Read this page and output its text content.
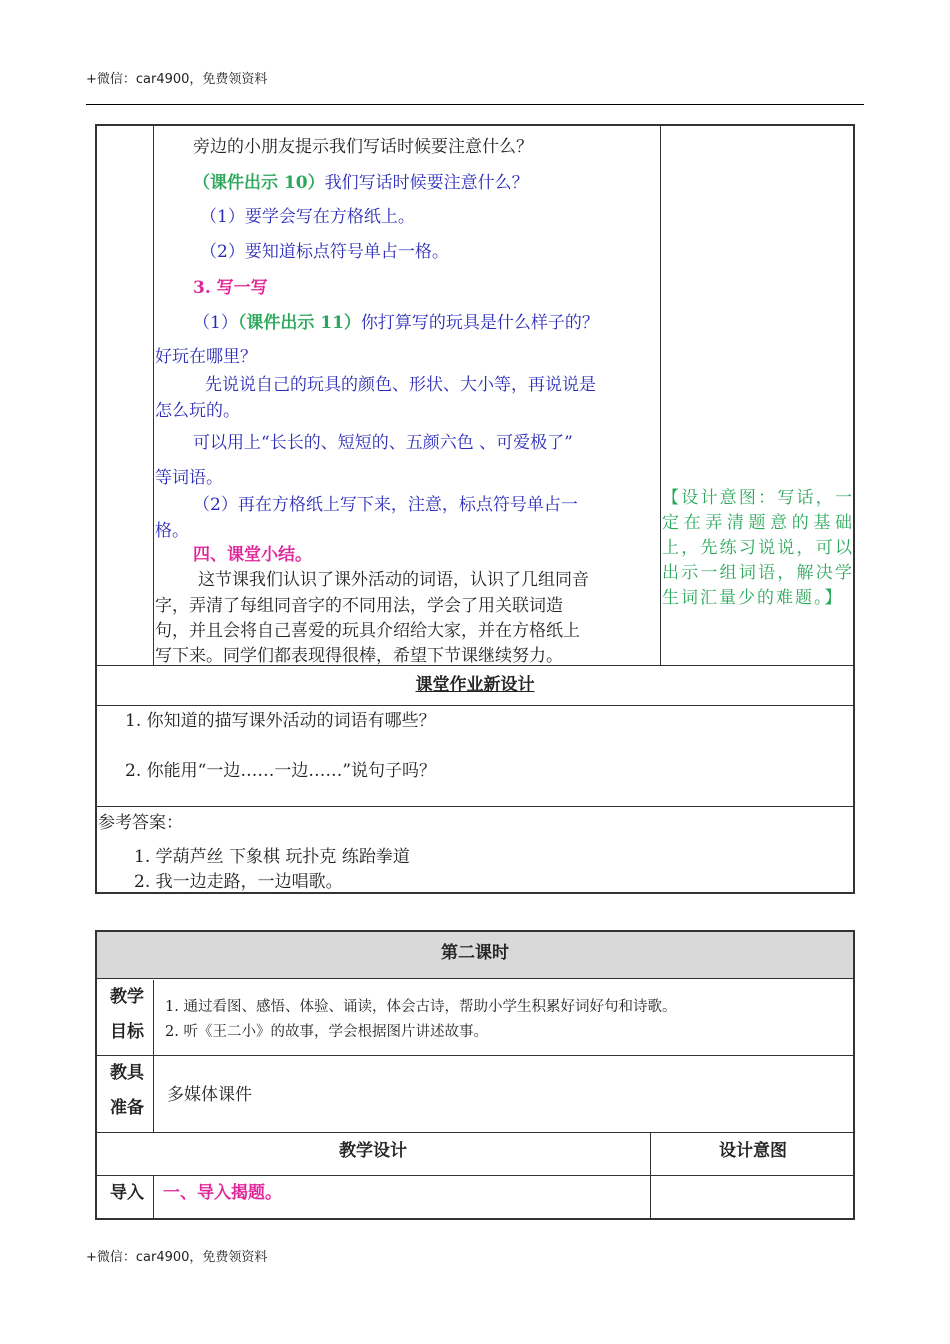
+微信：car4900，免费领资料
旁边的小朋友提示我们写话时候要注意什么？
（课件出示 10）我们写话时候要注意什么？
（1）要学会写在方格纸上。
（2）要知道标点符号单占一格。
3. 写一写
（1）（课件出示 11）你打算写的玩具是什么样子的？
好玩在哪里？
先说说自己的玩具的颜色、形状、大小等，再说说是
怎么玩的。
可以用上“长长的、短短的、五颜六色 、可爱极了”
等词语。
（2）再在方格纸上写下来，注意，标点符号单占一
格。
四、课堂小结。
这节课我们认识了课外活动的词语，认识了几组同音
字，弄清了每组同音字的不同用法，学会了用关联词造
句，并且会将自己喜爱的玩具介绍给大家，并在方格纸上
写下来。同学们都表现得很棒，希望下节课继续努力。
【设计意图：写话，一定在弄清题意的基础上，先练习说说，可以出示一组词语，解决学生词汇量少的难题。】
课堂作业新设计
1. 你知道的描写课外活动的词语有哪些？
2. 你能用“一边……一边……”说句子吗？
参考答案：
1. 学葫芦丝 下象棋 玩扑克 练跆拳道
2. 我一边走路，一边唱歌。
第二课时
教学
目标
1. 通过看图、感悟、体验、诵读，体会古诗，帮助小学生积累好词好句和诗歌。
2. 听《王二小》的故事，学会根据图片讲述故事。
教具
准备
多媒体课件
教学设计	设计意图
导入 一、导入揭题。
+微信：car4900，免费领资料
